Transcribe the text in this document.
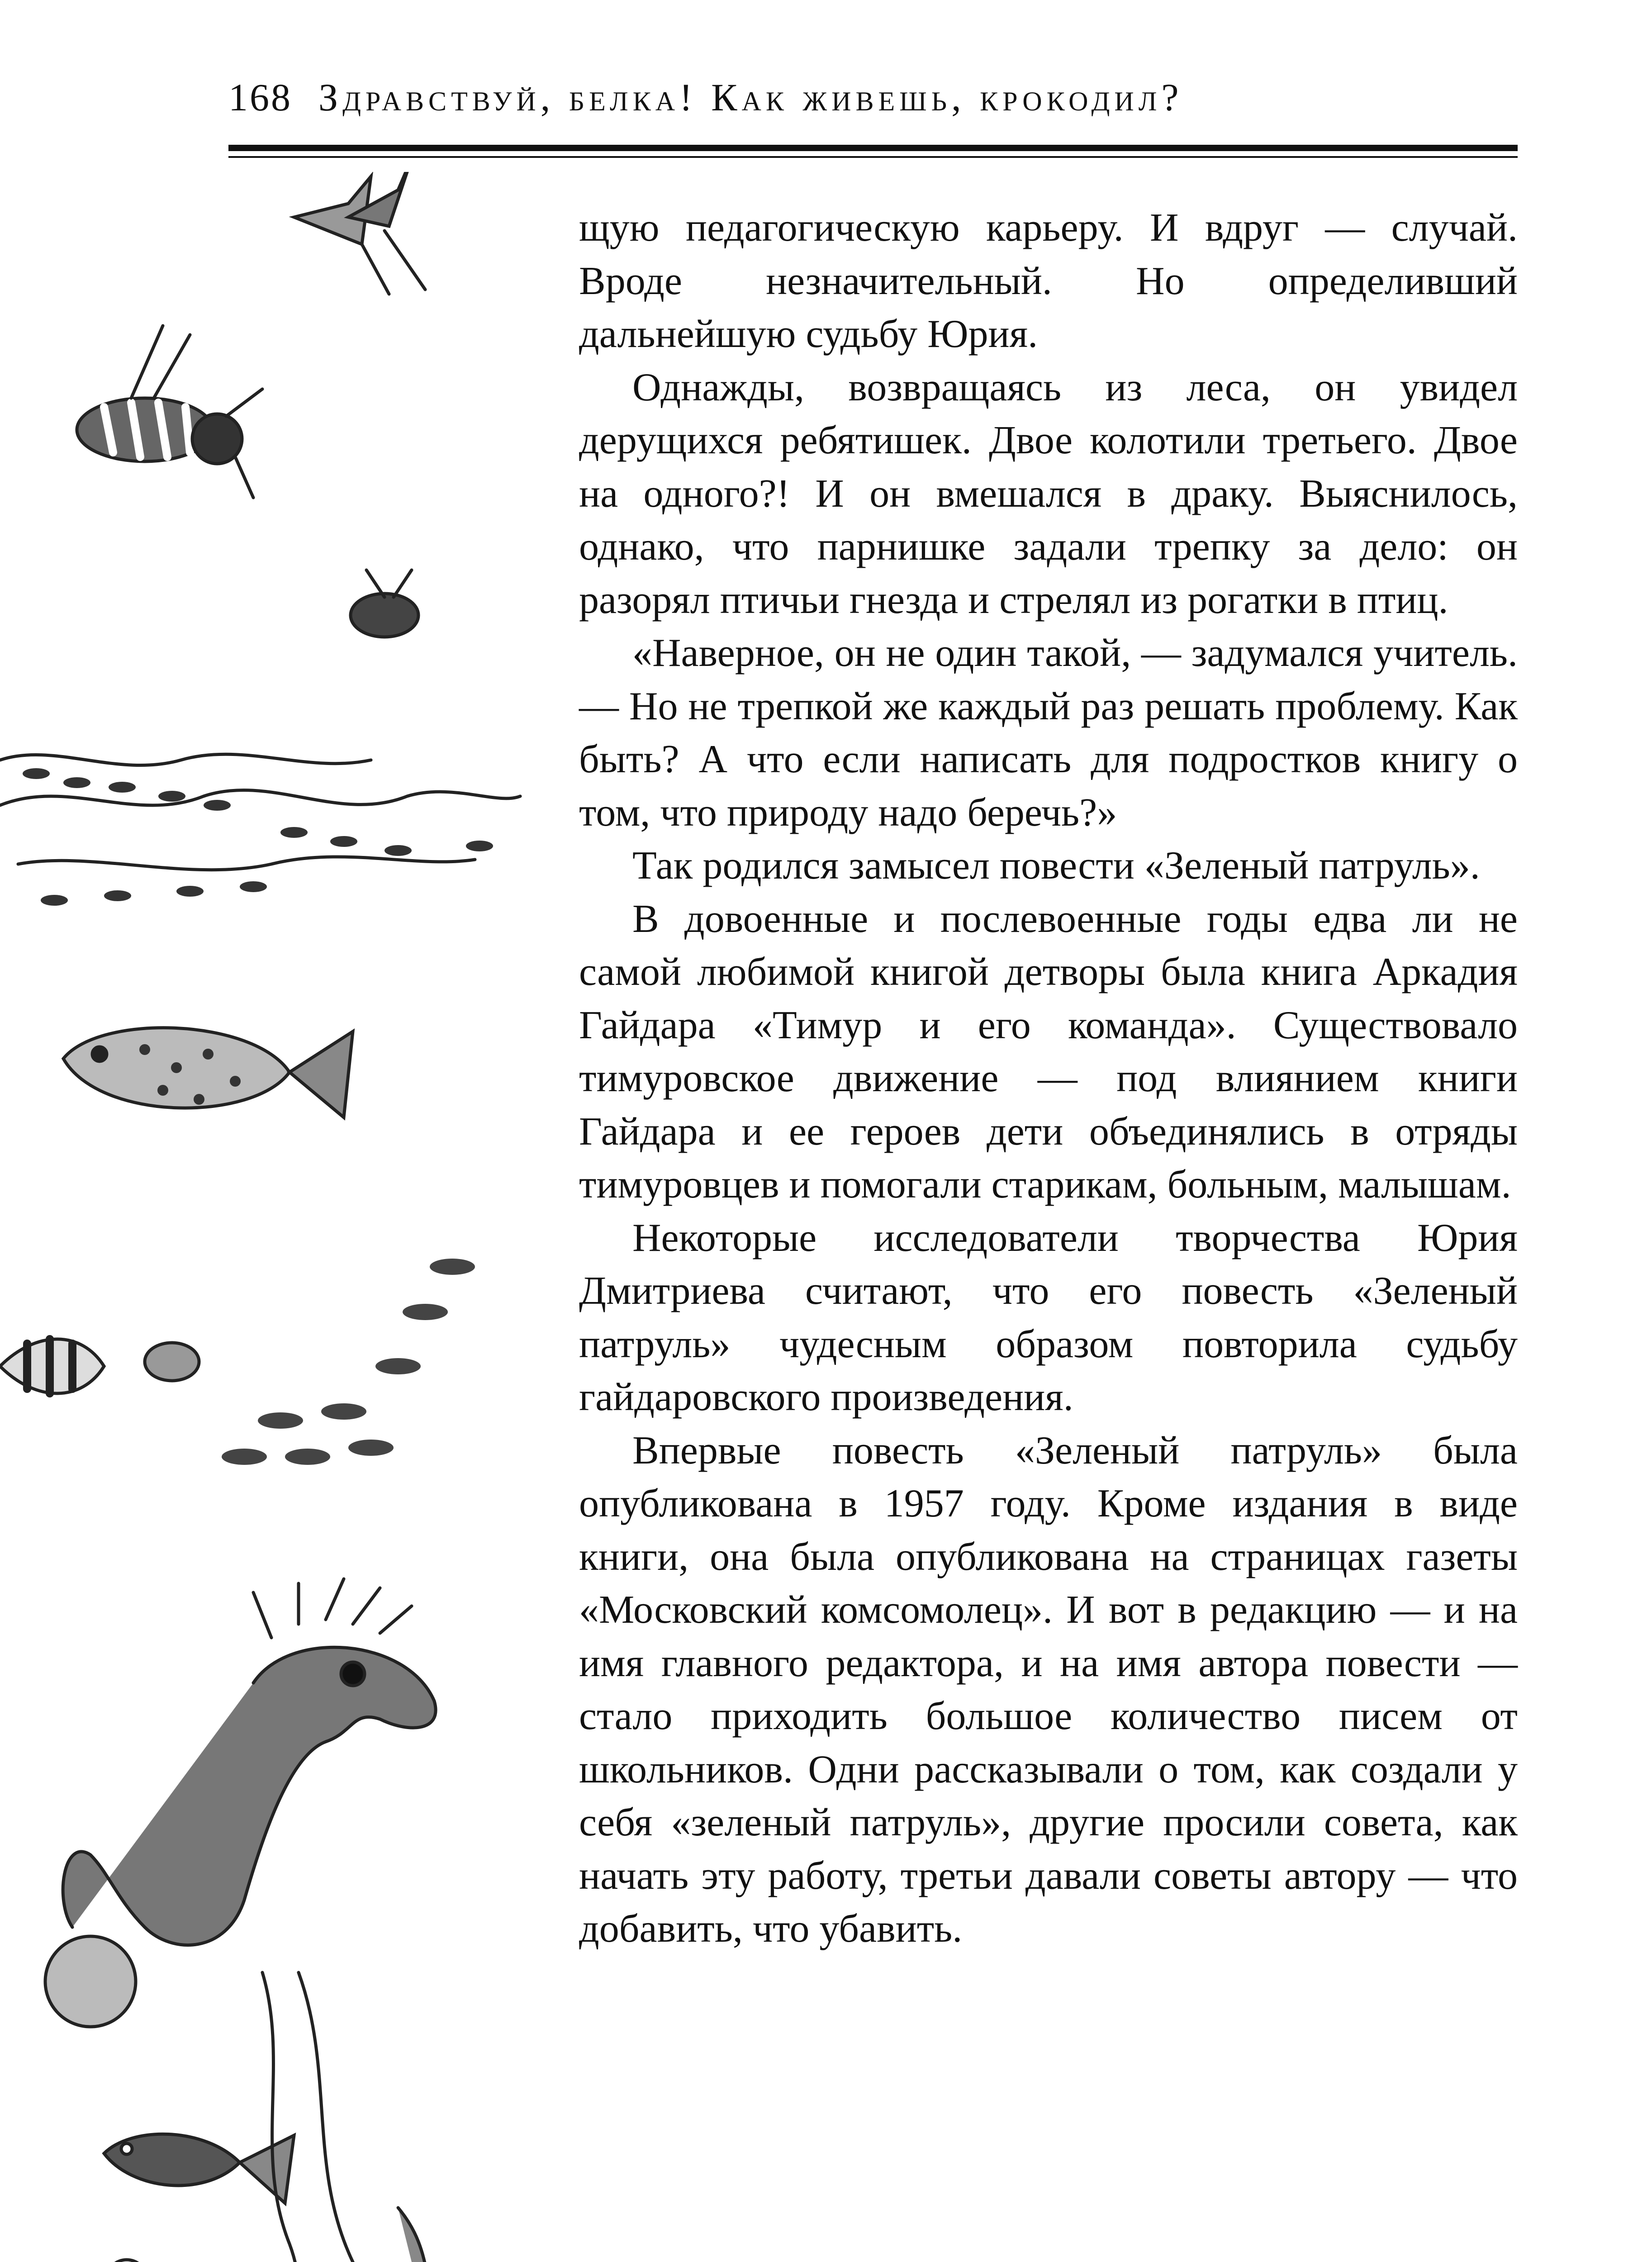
168 Здравствуй, белка! Как живешь, крокодил?

щую педагогическую карьеру. И вдруг — случай. Вроде незначительный. Но определивший дальнейшую судьбу Юрия.

Однажды, возвращаясь из леса, он увидел дерущихся ребятишек. Двое колотили третьего. Двое на одного?! И он вмешался в драку. Выяснилось, однако, что парнишке задали трепку за дело: он разорял птичьи гнезда и стрелял из рогатки в птиц.

«Наверное, он не один такой, — задумался учитель. — Но не трепкой же каждый раз решать проблему. Как быть? А что если написать для подростков книгу о том, что природу надо беречь?»

Так родился замысел повести «Зеленый патруль».

В довоенные и послевоенные годы едва ли не самой любимой книгой детворы была книга Аркадия Гайдара «Тимур и его команда». Существовало тимуровское движение — под влиянием книги Гайдара и ее героев дети объединялись в отряды тимуровцев и помогали старикам, больным, малышам.

Некоторые исследователи творчества Юрия Дмитриева считают, что его повесть «Зеленый патруль» чудесным образом повторила судьбу гайдаровского произведения.

Впервые повесть «Зеленый патруль» была опубликована в 1957 году. Кроме издания в виде книги, она была опубликована на страницах газеты «Московский комсомолец». И вот в редакцию — и на имя главного редактора, и на имя автора повести — стало приходить большое количество писем от школьников. Одни рассказывали о том, как создали у себя «зеленый патруль», другие просили совета, как начать эту работу, третьи давали советы автору — что добавить, что убавить.
